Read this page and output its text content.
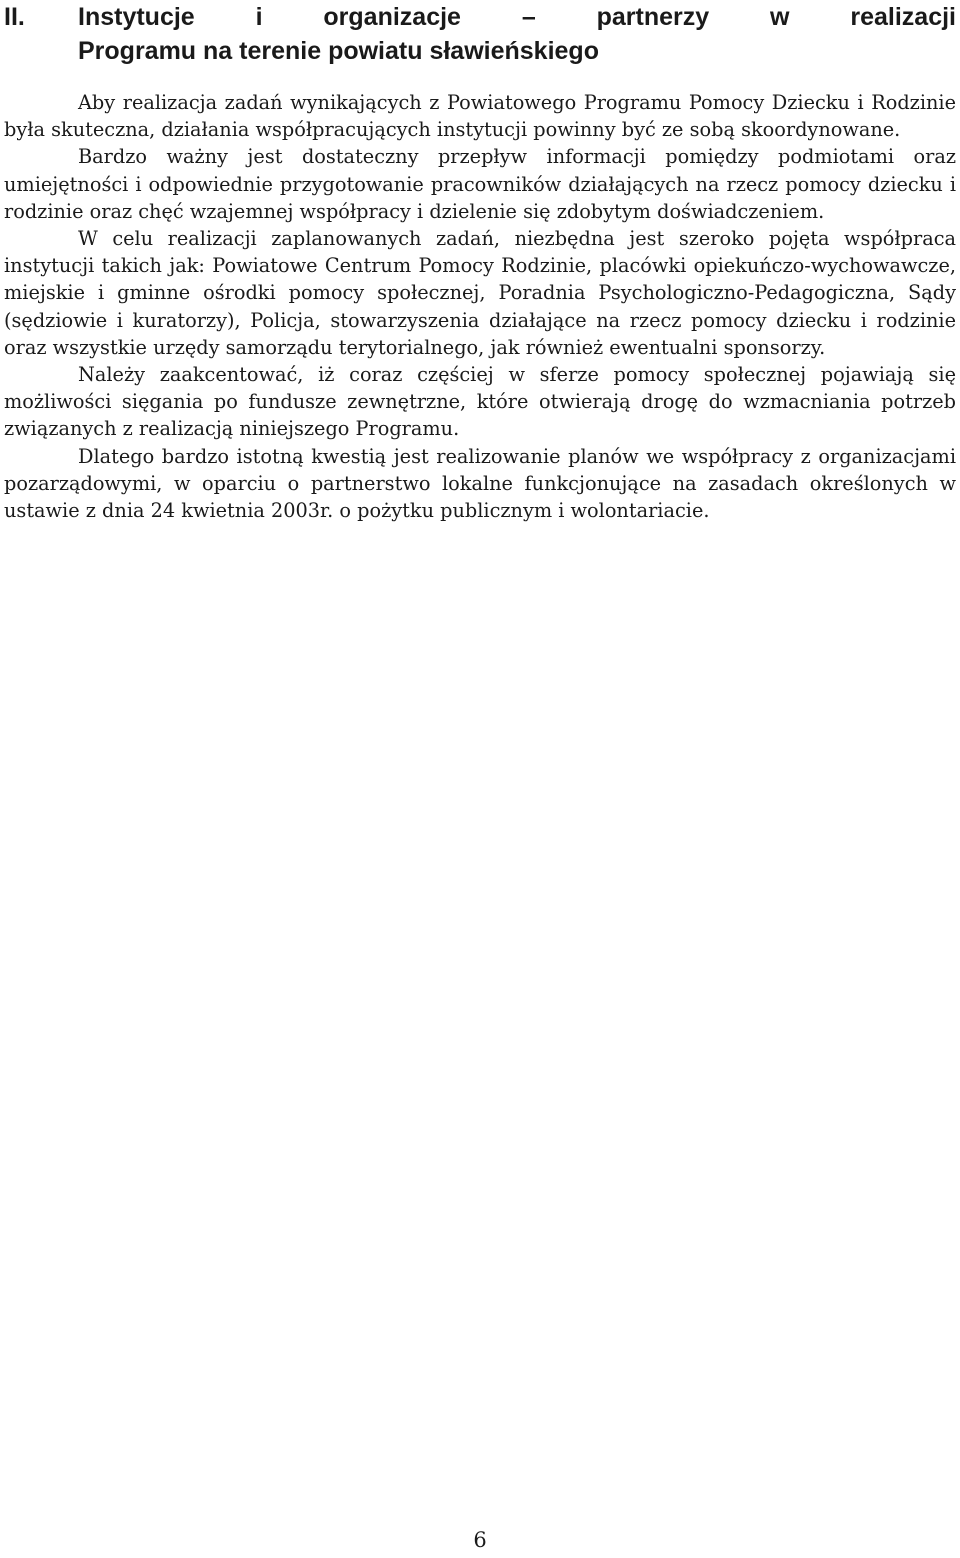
II.	Instytucje i organizacje – partnerzy w realizacji
Programu na terenie powiatu sławieńskiego

Aby realizacja zadań wynikających z Powiatowego Programu Pomocy Dziecku i Rodzinie była skuteczna, działania współpracujących instytucji powinny być ze sobą skoordynowane.

Bardzo ważny jest dostateczny przepływ informacji pomiędzy podmiotami oraz umiejętności i odpowiednie przygotowanie pracowników działających na rzecz pomocy dziecku i rodzinie oraz chęć wzajemnej współpracy i dzielenie się zdobytym doświadczeniem.

W celu realizacji zaplanowanych zadań, niezbędna jest szeroko pojęta współpraca instytucji takich jak: Powiatowe Centrum Pomocy Rodzinie, placówki opiekuńczo-wychowawcze, miejskie i gminne ośrodki pomocy społecznej, Poradnia Psychologiczno-Pedagogiczna, Sądy (sędziowie i kuratorzy), Policja, stowarzyszenia działające na rzecz pomocy dziecku i rodzinie oraz wszystkie urzędy samorządu terytorialnego, jak również ewentualni sponsorzy.

Należy zaakcentować, iż coraz częściej w sferze pomocy społecznej pojawiają się możliwości sięgania po fundusze zewnętrzne, które otwierają drogę do wzmacniania potrzeb związanych z realizacją niniejszego Programu.

Dlatego bardzo istotną kwestią jest realizowanie planów we współpracy z organizacjami pozarządowymi, w oparciu o partnerstwo lokalne funkcjonujące na zasadach określonych w ustawie z dnia 24 kwietnia 2003r. o pożytku publicznym i wolontariacie.

6
